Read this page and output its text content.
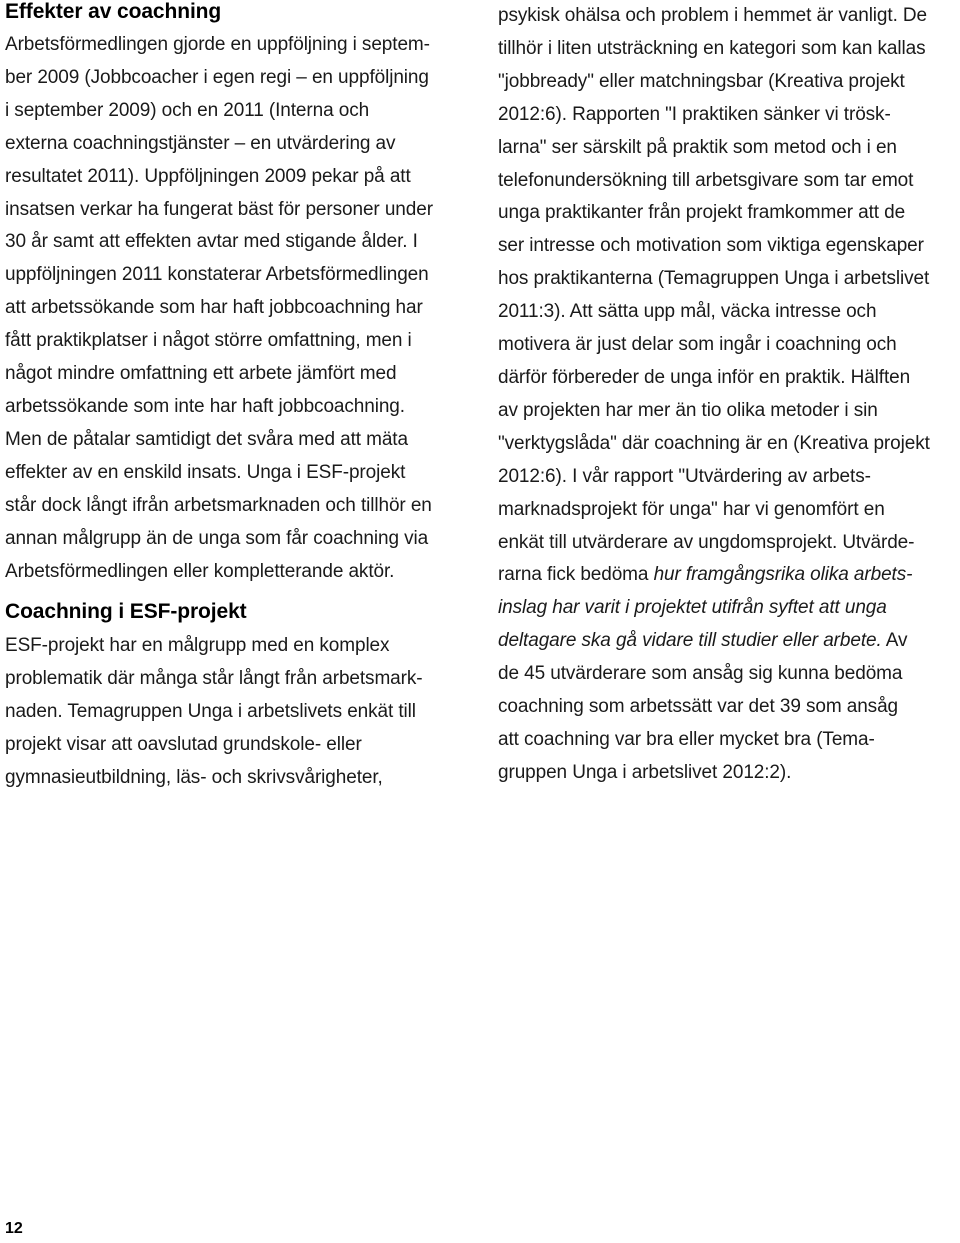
Effekter av coachning
Arbetsförmedlingen gjorde en uppföljning i septem-
ber 2009 (Jobbcoacher i egen regi – en uppföljning
i september 2009) och en 2011 (Interna och
externa coachningstjänster – en utvärdering av
resultatet 2011). Uppföljningen 2009 pekar på att
insatsen verkar ha fungerat bäst för personer under
30 år samt att effekten avtar med stigande ålder. I
uppföljningen 2011 konstaterar Arbetsförmedlingen
att arbetssökande som har haft jobbcoachning har
fått praktikplatser i något större omfattning, men i
något mindre omfattning ett arbete jämfört med
arbetssökande som inte har haft jobbcoachning.
Men de påtalar samtidigt det svåra med att mäta
effekter av en enskild insats. Unga i ESF-projekt
står dock långt ifrån arbetsmarknaden och tillhör en
annan målgrupp än de unga som får coachning via
Arbetsförmedlingen eller kompletterande aktör.
Coachning i ESF-projekt
ESF-projekt har en målgrupp med en komplex
problematik där många står långt från arbetsmark-
naden. Temagruppen Unga i arbetslivets enkät till
projekt visar att oavslutad grundskole- eller
gymnasieutbildning, läs- och skrivsvårigheter,
psykisk ohälsa och problem i hemmet är vanligt. De
tillhör i liten utsträckning en kategori som kan kallas
"jobbready" eller matchningsbar (Kreativa projekt
2012:6). Rapporten "I praktiken sänker vi trösk-
larna" ser särskilt på praktik som metod och i en
telefonundersökning till arbetsgivare som tar emot
unga praktikanter från projekt framkommer att de
ser intresse och motivation som viktiga egenskaper
hos praktikanterna (Temagruppen Unga i arbetslivet
2011:3). Att sätta upp mål, väcka intresse och
motivera är just delar som ingår i coachning och
därför förbereder de unga inför en praktik. Hälften
av projekten har mer än tio olika metoder i sin
"verktygslåda" där coachning är en (Kreativa projekt
2012:6). I vår rapport "Utvärdering av arbets-
marknadsprojekt för unga" har vi genomfört en
enkät till utvärderare av ungdomsprojekt. Utvärde-
rarna fick bedöma hur framgångsrika olika arbets-
inslag har varit i projektet utifrån syftet att unga
deltagare ska gå vidare till studier eller arbete. Av
de 45 utvärderare som ansåg sig kunna bedöma
coachning som arbetssätt var det 39 som ansåg
att coachning var bra eller mycket bra (Tema-
gruppen Unga i arbetslivet 2012:2).
12
